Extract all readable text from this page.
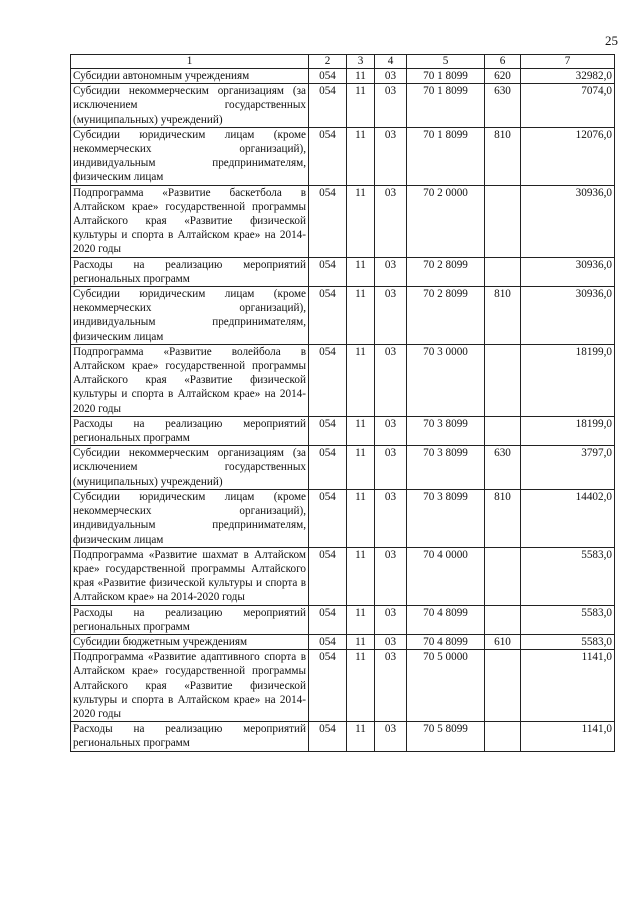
25
1	2	3	4	5	6	7
Субсидии автономным учреждениям	054	11	03	70 1 8099	620	32982,0
Субсидии некоммерческим организациям (за исключением государственных (муниципальных) учреждений)	054	11	03	70 1 8099	630	7074,0
Субсидии юридическим лицам (кроме некоммерческих организаций), индивидуальным предпринимателям, физическим лицам	054	11	03	70 1 8099	810	12076,0
Подпрограмма «Развитие баскетбола в Алтайском крае» государственной программы Алтайского края «Развитие физической культуры и спорта в Алтайском крае» на 2014-2020 годы	054	11	03	70 2 0000		30936,0
Расходы на реализацию мероприятий региональных программ	054	11	03	70 2 8099		30936,0
Субсидии юридическим лицам (кроме некоммерческих организаций), индивидуальным предпринимателям, физическим лицам	054	11	03	70 2 8099	810	30936,0
Подпрограмма «Развитие волейбола в Алтайском крае» государственной программы Алтайского края «Развитие физической культуры и спорта в Алтайском крае» на 2014-2020 годы	054	11	03	70 3 0000		18199,0
Расходы на реализацию мероприятий региональных программ	054	11	03	70 3 8099		18199,0
Субсидии некоммерческим организациям (за исключением государственных (муниципальных) учреждений)	054	11	03	70 3 8099	630	3797,0
Субсидии юридическим лицам (кроме некоммерческих организаций), индивидуальным предпринимателям, физическим лицам	054	11	03	70 3 8099	810	14402,0
Подпрограмма «Развитие шахмат в Алтайском крае» государственной программы Алтайского края «Развитие физической культуры и спорта в Алтайском крае» на 2014-2020 годы	054	11	03	70 4 0000		5583,0
Расходы на реализацию мероприятий региональных программ	054	11	03	70 4 8099		5583,0
Субсидии бюджетным учреждениям	054	11	03	70 4 8099	610	5583,0
Подпрограмма «Развитие адаптивного спорта в Алтайском крае» государственной программы Алтайского края «Развитие физической культуры и спорта в Алтайском крае» на 2014-2020 годы	054	11	03	70 5 0000		1141,0
Расходы на реализацию мероприятий региональных программ	054	11	03	70 5 8099		1141,0
